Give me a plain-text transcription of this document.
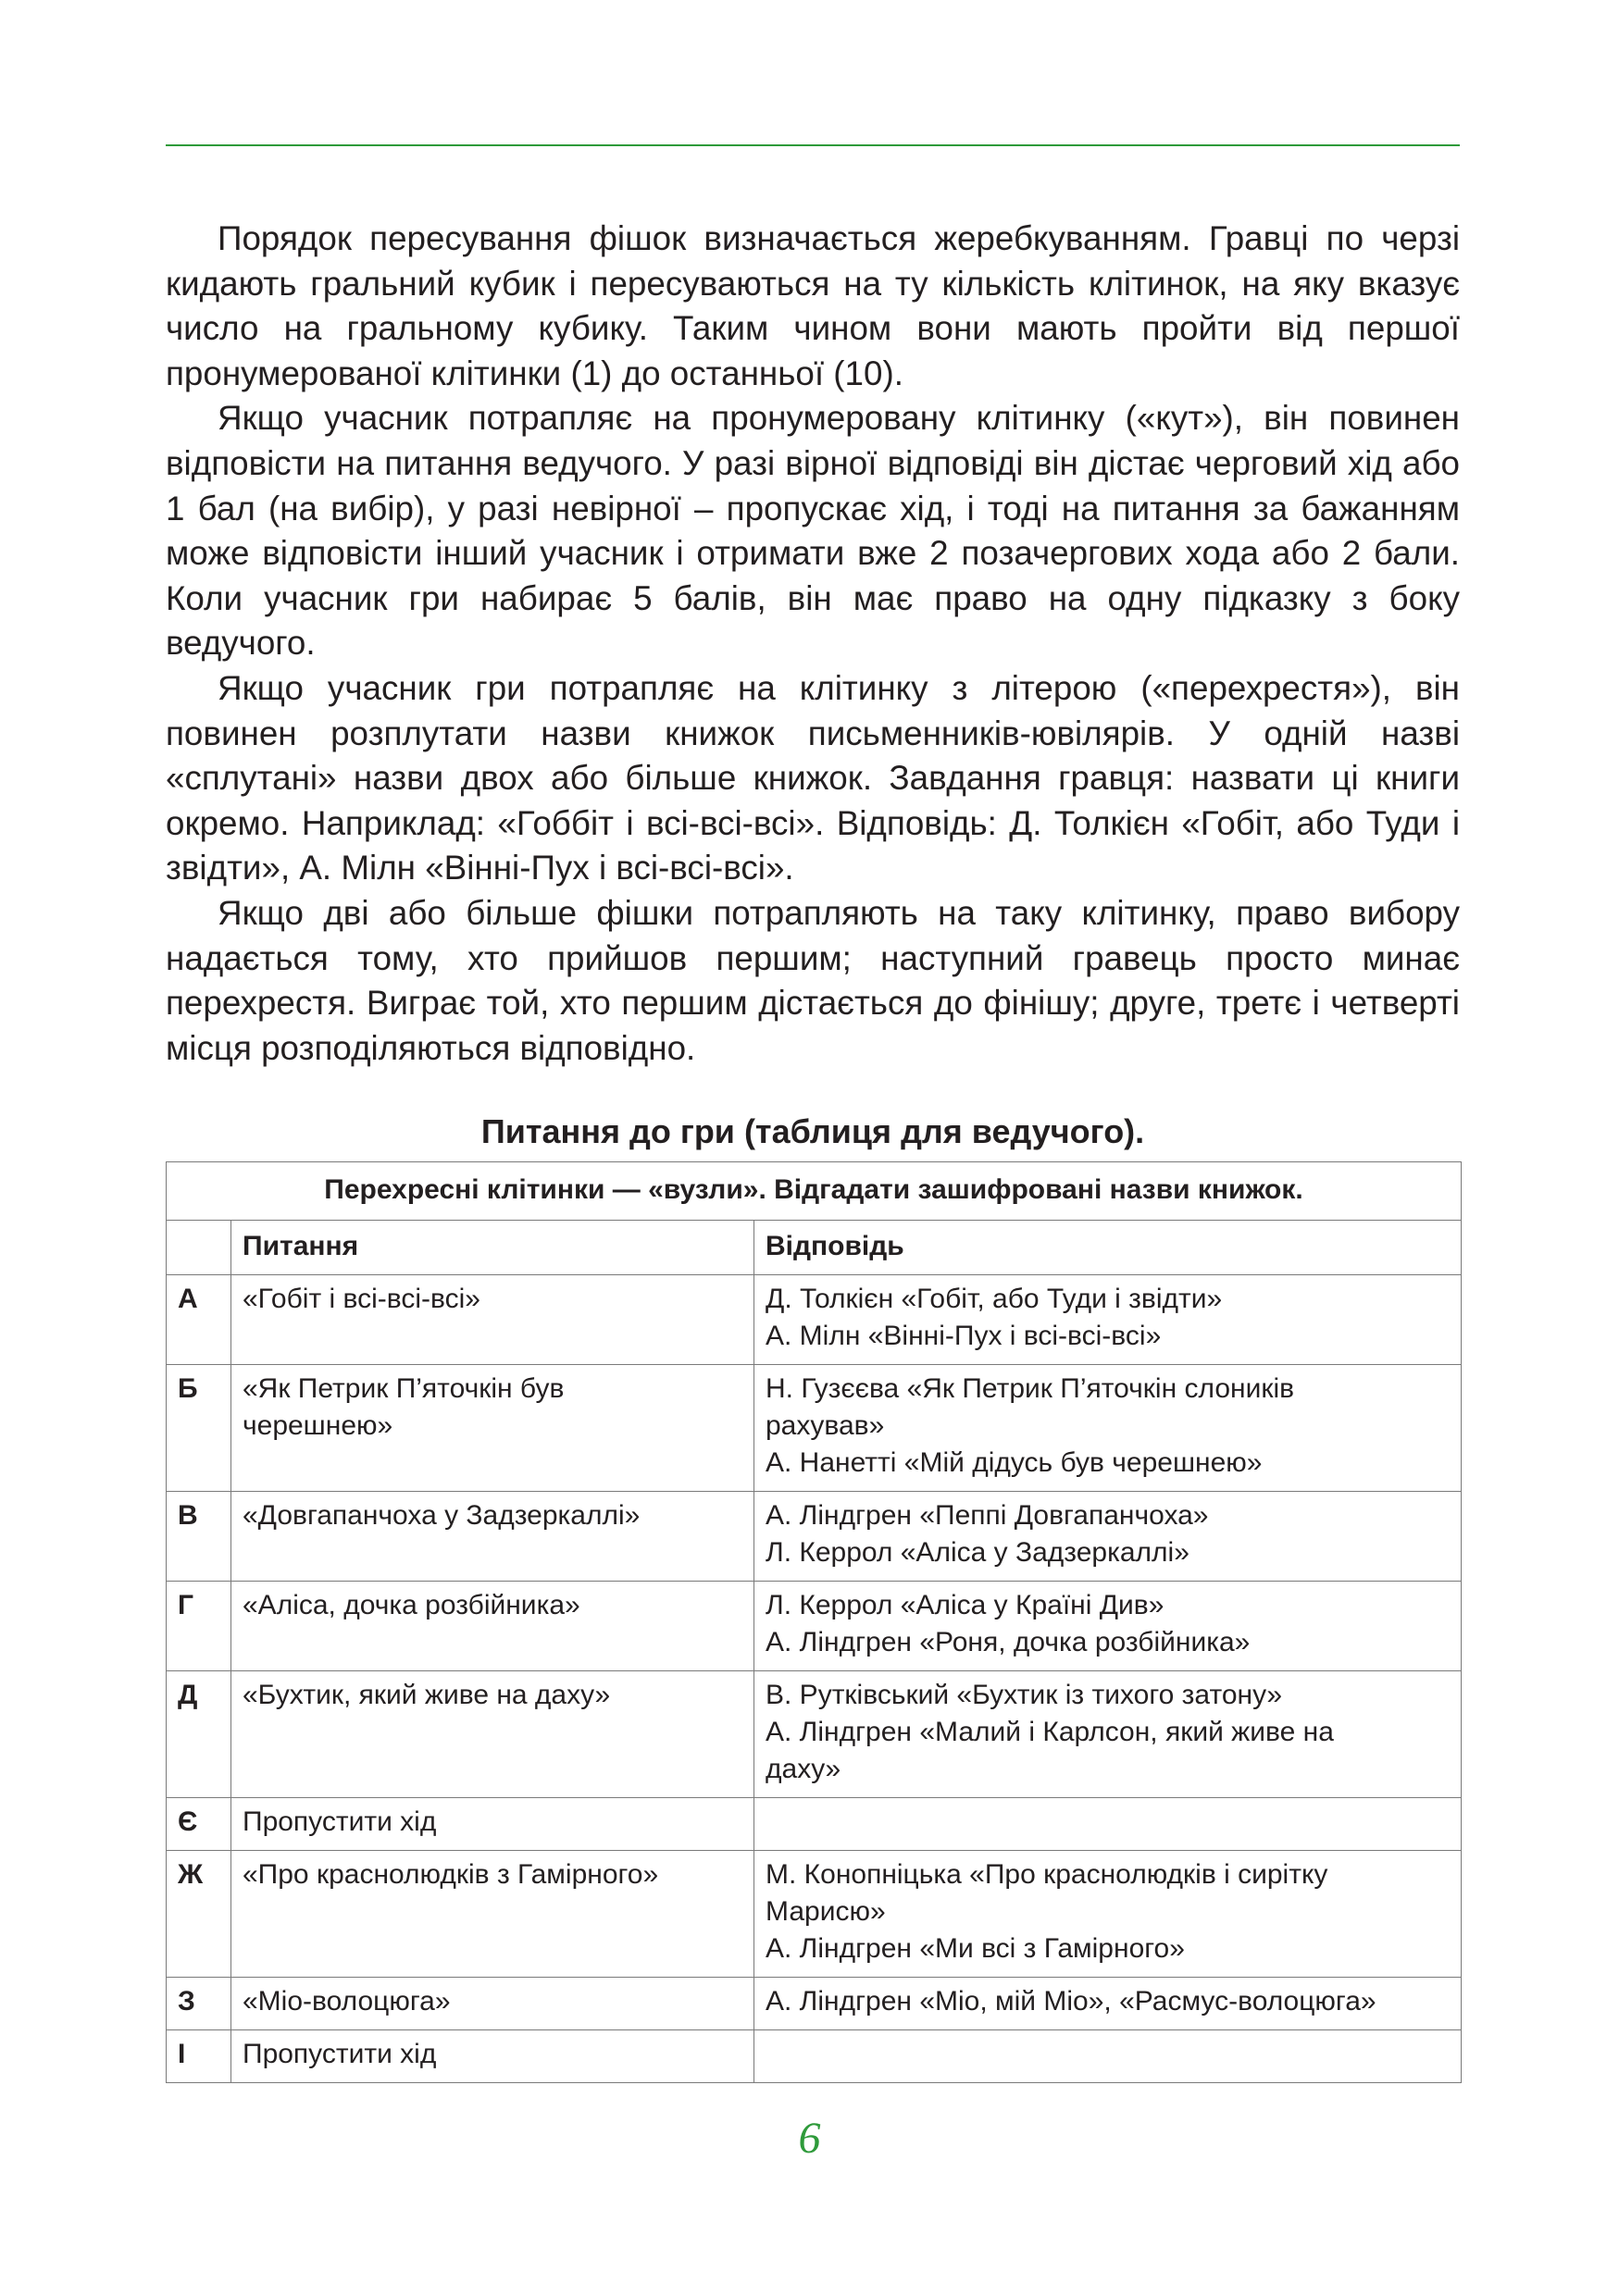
Порядок пересування фішок визначається жеребкуванням. Гравці по черзі кидають гральний кубик і пересуваються на ту кількість клітинок, на яку вказує число на гральному кубику. Таким чином вони мають пройти від першої пронумерованої клітинки (1) до останньої (10).

Якщо учасник потрапляє на пронумеровану клітинку («кут»), він повинен відповісти на питання ведучого. У разі вірної відповіді він дістає черговий хід або 1 бал (на вибір), у разі невірної – пропускає хід, і тоді на питання за бажанням може відповісти інший учасник і отримати вже 2 позачергових хода або 2 бали. Коли учасник гри набирає 5 балів, він має право на одну підказку з боку ведучого.

Якщо учасник гри потрапляє на клітинку з літерою («перехрестя»), він повинен розплутати назви книжок письменників-ювілярів. У одній назві «сплутані» назви двох або більше книжок. Завдання гравця: назвати ці книги окремо. Наприклад: «Гоббіт і всі-всі-всі». Відповідь: Д. Толкієн «Гобіт, або Туди і звідти», А. Мілн «Вінні-Пух і всі-всі-всі».

Якщо дві або більше фішки потрапляють на таку клітинку, право вибору надається тому, хто прийшов першим; наступний гравець просто минає перехрестя. Виграє той, хто першим дістається до фінішу; друге, третє і четверті місця розподіляються відповідно.

Питання до гри (таблиця для ведучого).
Перехресні клітинки — «вузли». Відгадати зашифровані назви книжок.		
	Питання	Відповідь
А	«Гобіт і всі-всі-всі»	Д. Толкієн «Гобіт, або Туди і звідти»
А. Мілн «Вінні-Пух і всі-всі-всі»

Б	«Як Петрик П’яточкін був
черешнею»	Н. Гузєєва «Як Петрик П’яточкін слоників
рахував»
А. Нанетті «Мій дідусь був черешнею»

В	«Довгапанчоха у Задзеркаллі»	А. Ліндгрен «Пеппі Довгапанчоха»
Л. Керрол «Аліса у Задзеркаллі»

Г	«Аліса, дочка розбійника»	Л. Керрол «Аліса у Країні Див»
А. Ліндгрен «Роня, дочка розбійника»

Д	«Бухтик, який живе на даху»	В. Рутківський «Бухтик із тихого затону»
А. Ліндгрен «Малий і Карлсон, який живе на
даху»

Є	Пропустити хід	

Ж	«Про краснолюдків з Гамірного»	М. Конопніцька «Про краснолюдків і сирітку
Марисю»
А. Ліндгрен «Ми всі з Гамірного»

З	«Міо-волоцюга»	А. Ліндгрен «Міо, мій Міо», «Расмус-волоцюга»

І	Пропустити хід	

6
